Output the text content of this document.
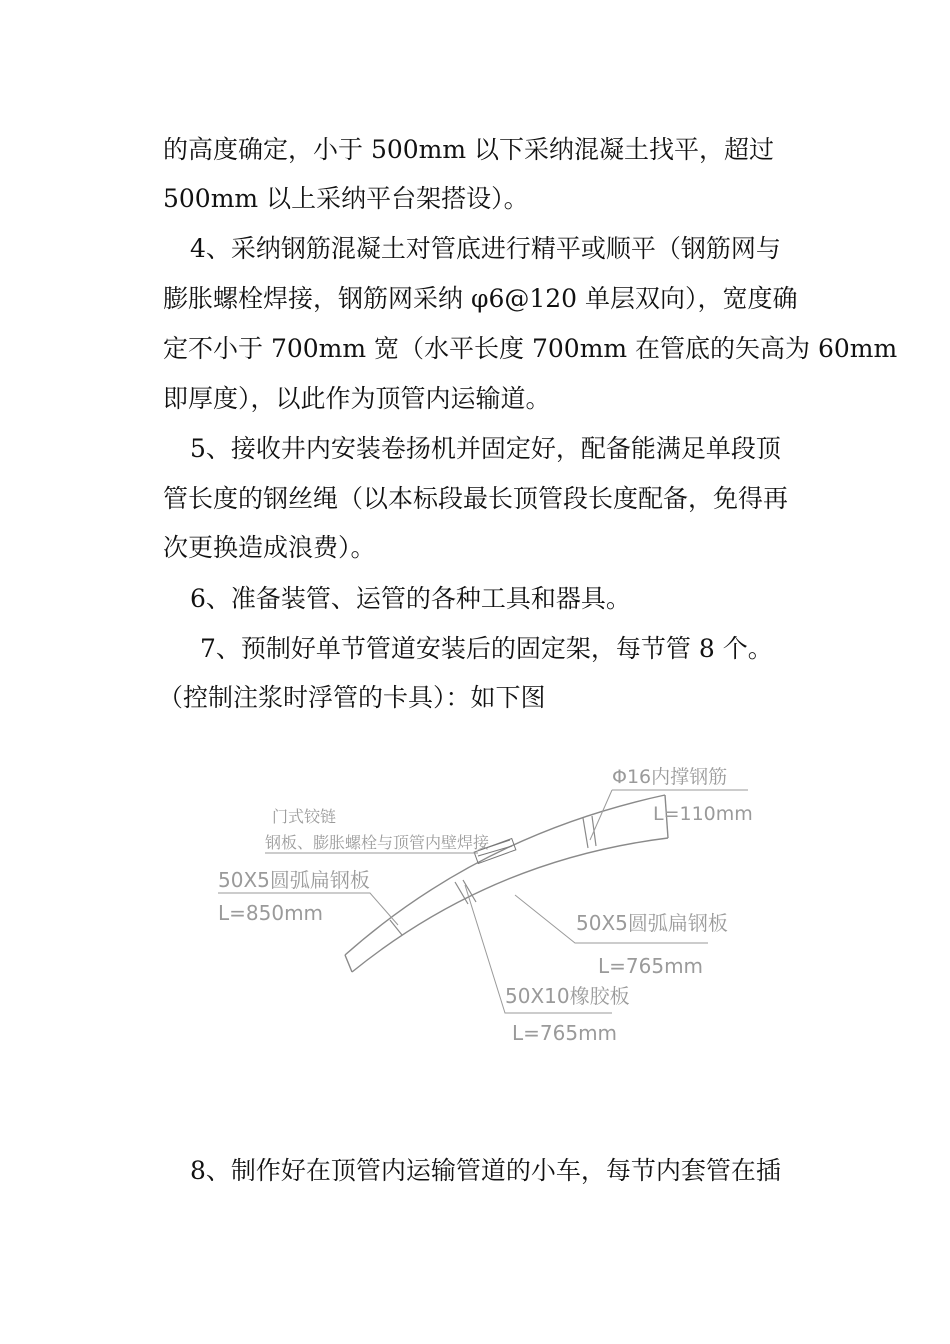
的高度确定，小于 500mm 以下采纳混凝土找平，超过
500mm 以上采纳平台架搭设）。
4、采纳钢筋混凝土对管底进行精平或顺平（钢筋网与
膨胀螺栓焊接，钢筋网采纳 φ6@120 单层双向），宽度确
定不小于 700mm 宽（水平长度 700mm 在管底的矢高为 60mm
即厚度），以此作为顶管内运输道。
5、接收井内安装卷扬机并固定好，配备能满足单段顶
管长度的钢丝绳（以本标段最长顶管段长度配备，免得再
次更换造成浪费）。
6、准备装管、运管的各种工具和器具。
7、预制好单节管道安装后的固定架，每节管 8 个。
（控制注浆时浮管的卡具）：如下图
8、制作好在顶管内运输管道的小车，每节内套管在插
Φ16内撑钢筋
L=110mm
门式铰链
钢板、膨胀螺栓与顶管内壁焊接
50X5圆弧扁钢板
L=850mm	50X5圆弧扁钢板
L=765mm
50X10橡胶板
L=765mm
